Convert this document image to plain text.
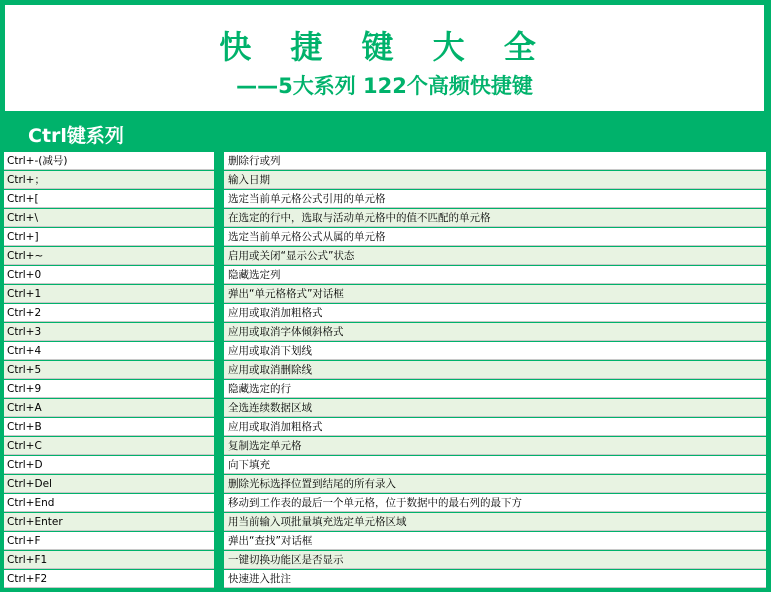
快 捷 键 大 全
——5大系列 122个高频快捷键
Ctrl键系列
Ctrl+-(减号)	删除行或列
Ctrl+；	输入日期
Ctrl+[	选定当前单元格公式引用的单元格
Ctrl+\	在选定的行中，选取与活动单元格中的值不匹配的单元格
Ctrl+]	选定当前单元格公式从属的单元格
Ctrl+~	启用或关闭“显示公式”状态
Ctrl+0	隐藏选定列
Ctrl+1	弹出“单元格格式”对话框
Ctrl+2	应用或取消加粗格式
Ctrl+3	应用或取消字体倾斜格式
Ctrl+4	应用或取消下划线
Ctrl+5	应用或取消删除线
Ctrl+9	隐藏选定的行
Ctrl+A	全选连续数据区域
Ctrl+B	应用或取消加粗格式
Ctrl+C	复制选定单元格
Ctrl+D	向下填充
Ctrl+Del	删除光标选择位置到结尾的所有录入
Ctrl+End	移动到工作表的最后一个单元格，位于数据中的最右列的最下方
Ctrl+Enter	用当前输入项批量填充选定单元格区域
Ctrl+F	弹出“查找”对话框
Ctrl+F1	一键切换功能区是否显示
Ctrl+F2	快速进入批注
